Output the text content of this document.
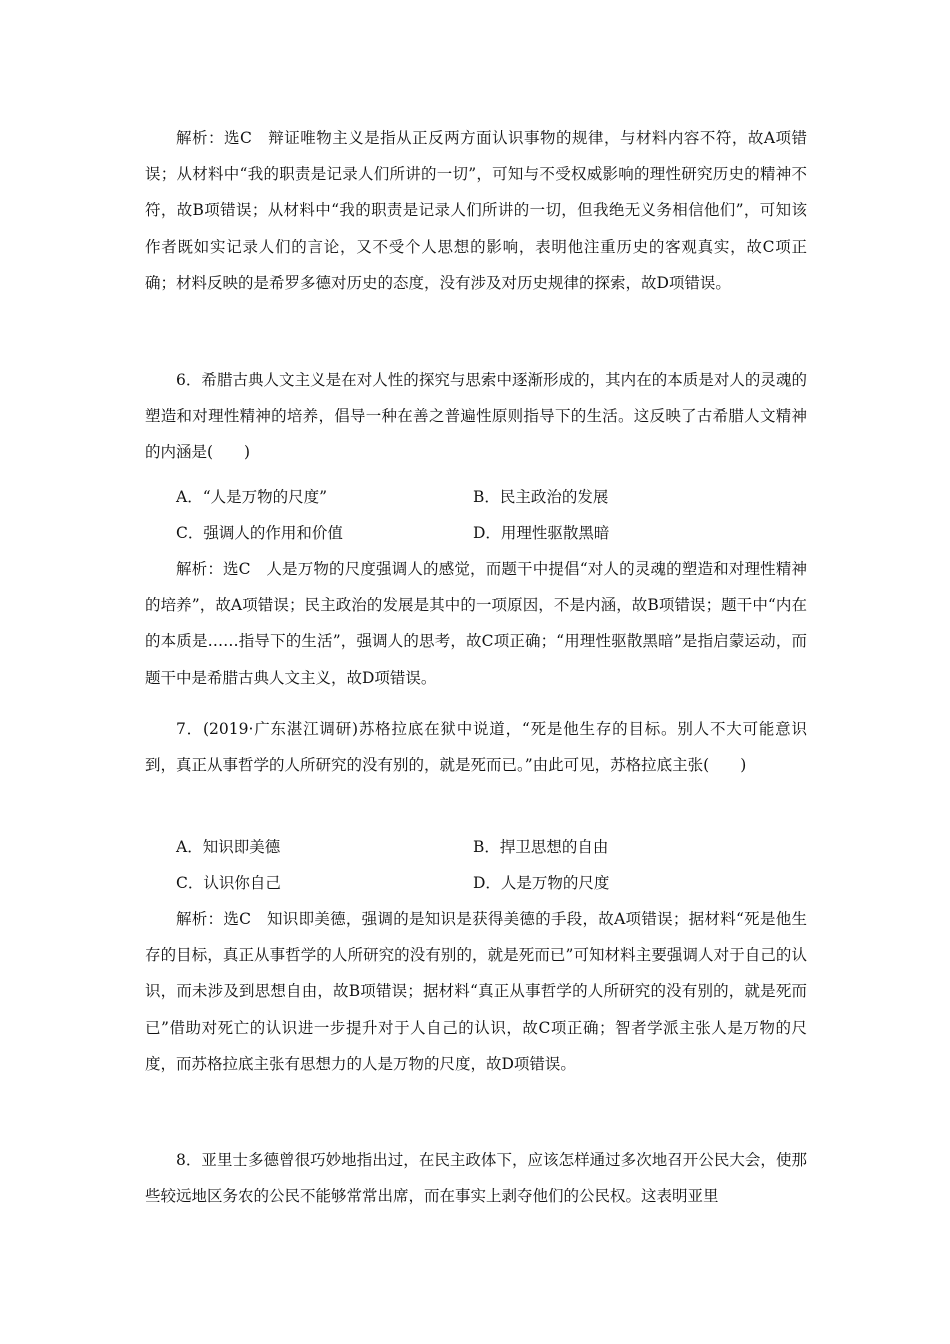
解析：选C　辩证唯物主义是指从正反两方面认识事物的规律，与材料内容不符，故A项错误；从材料中“我的职责是记录人们所讲的一切”，可知与不受权威影响的理性研究历史的精神不符，故B项错误；从材料中“我的职责是记录人们所讲的一切，但我绝无义务相信他们”，可知该作者既如实记录人们的言论，又不受个人思想的影响，表明他注重历史的客观真实，故C项正确；材料反映的是希罗多德对历史的态度，没有涉及对历史规律的探索，故D项错误。

6．希腊古典人文主义是在对人性的探究与思索中逐渐形成的，其内在的本质是对人的灵魂的塑造和对理性精神的培养，倡导一种在善之普遍性原则指导下的生活。这反映了古希腊人文精神的内涵是(　　)

A．“人是万物的尺度”	B．民主政治的发展
C．强调人的作用和价值	D．用理性驱散黑暗

解析：选C　人是万物的尺度强调人的感觉，而题干中提倡“对人的灵魂的塑造和对理性精神的培养”，故A项错误；民主政治的发展是其中的一项原因，不是内涵，故B项错误；题干中“内在的本质是……指导下的生活”，强调人的思考，故C项正确；“用理性驱散黑暗”是指启蒙运动，而题干中是希腊古典人文主义，故D项错误。

7．(2019·广东湛江调研)苏格拉底在狱中说道，“死是他生存的目标。别人不大可能意识到，真正从事哲学的人所研究的没有别的，就是死而已。”由此可见，苏格拉底主张(　　)

A．知识即美德	B．捍卫思想的自由
C．认识你自己	D．人是万物的尺度

解析：选C　知识即美德，强调的是知识是获得美德的手段，故A项错误；据材料“死是他生存的目标，真正从事哲学的人所研究的没有别的，就是死而已”可知材料主要强调人对于自己的认识，而未涉及到思想自由，故B项错误；据材料“真正从事哲学的人所研究的没有别的，就是死而已”借助对死亡的认识进一步提升对于人自己的认识，故C项正确；智者学派主张人是万物的尺度，而苏格拉底主张有思想力的人是万物的尺度，故D项错误。

8．亚里士多德曾很巧妙地指出过，在民主政体下，应该怎样通过多次地召开公民大会，使那些较远地区务农的公民不能够常常出席，而在事实上剥夺他们的公民权。这表明亚里
